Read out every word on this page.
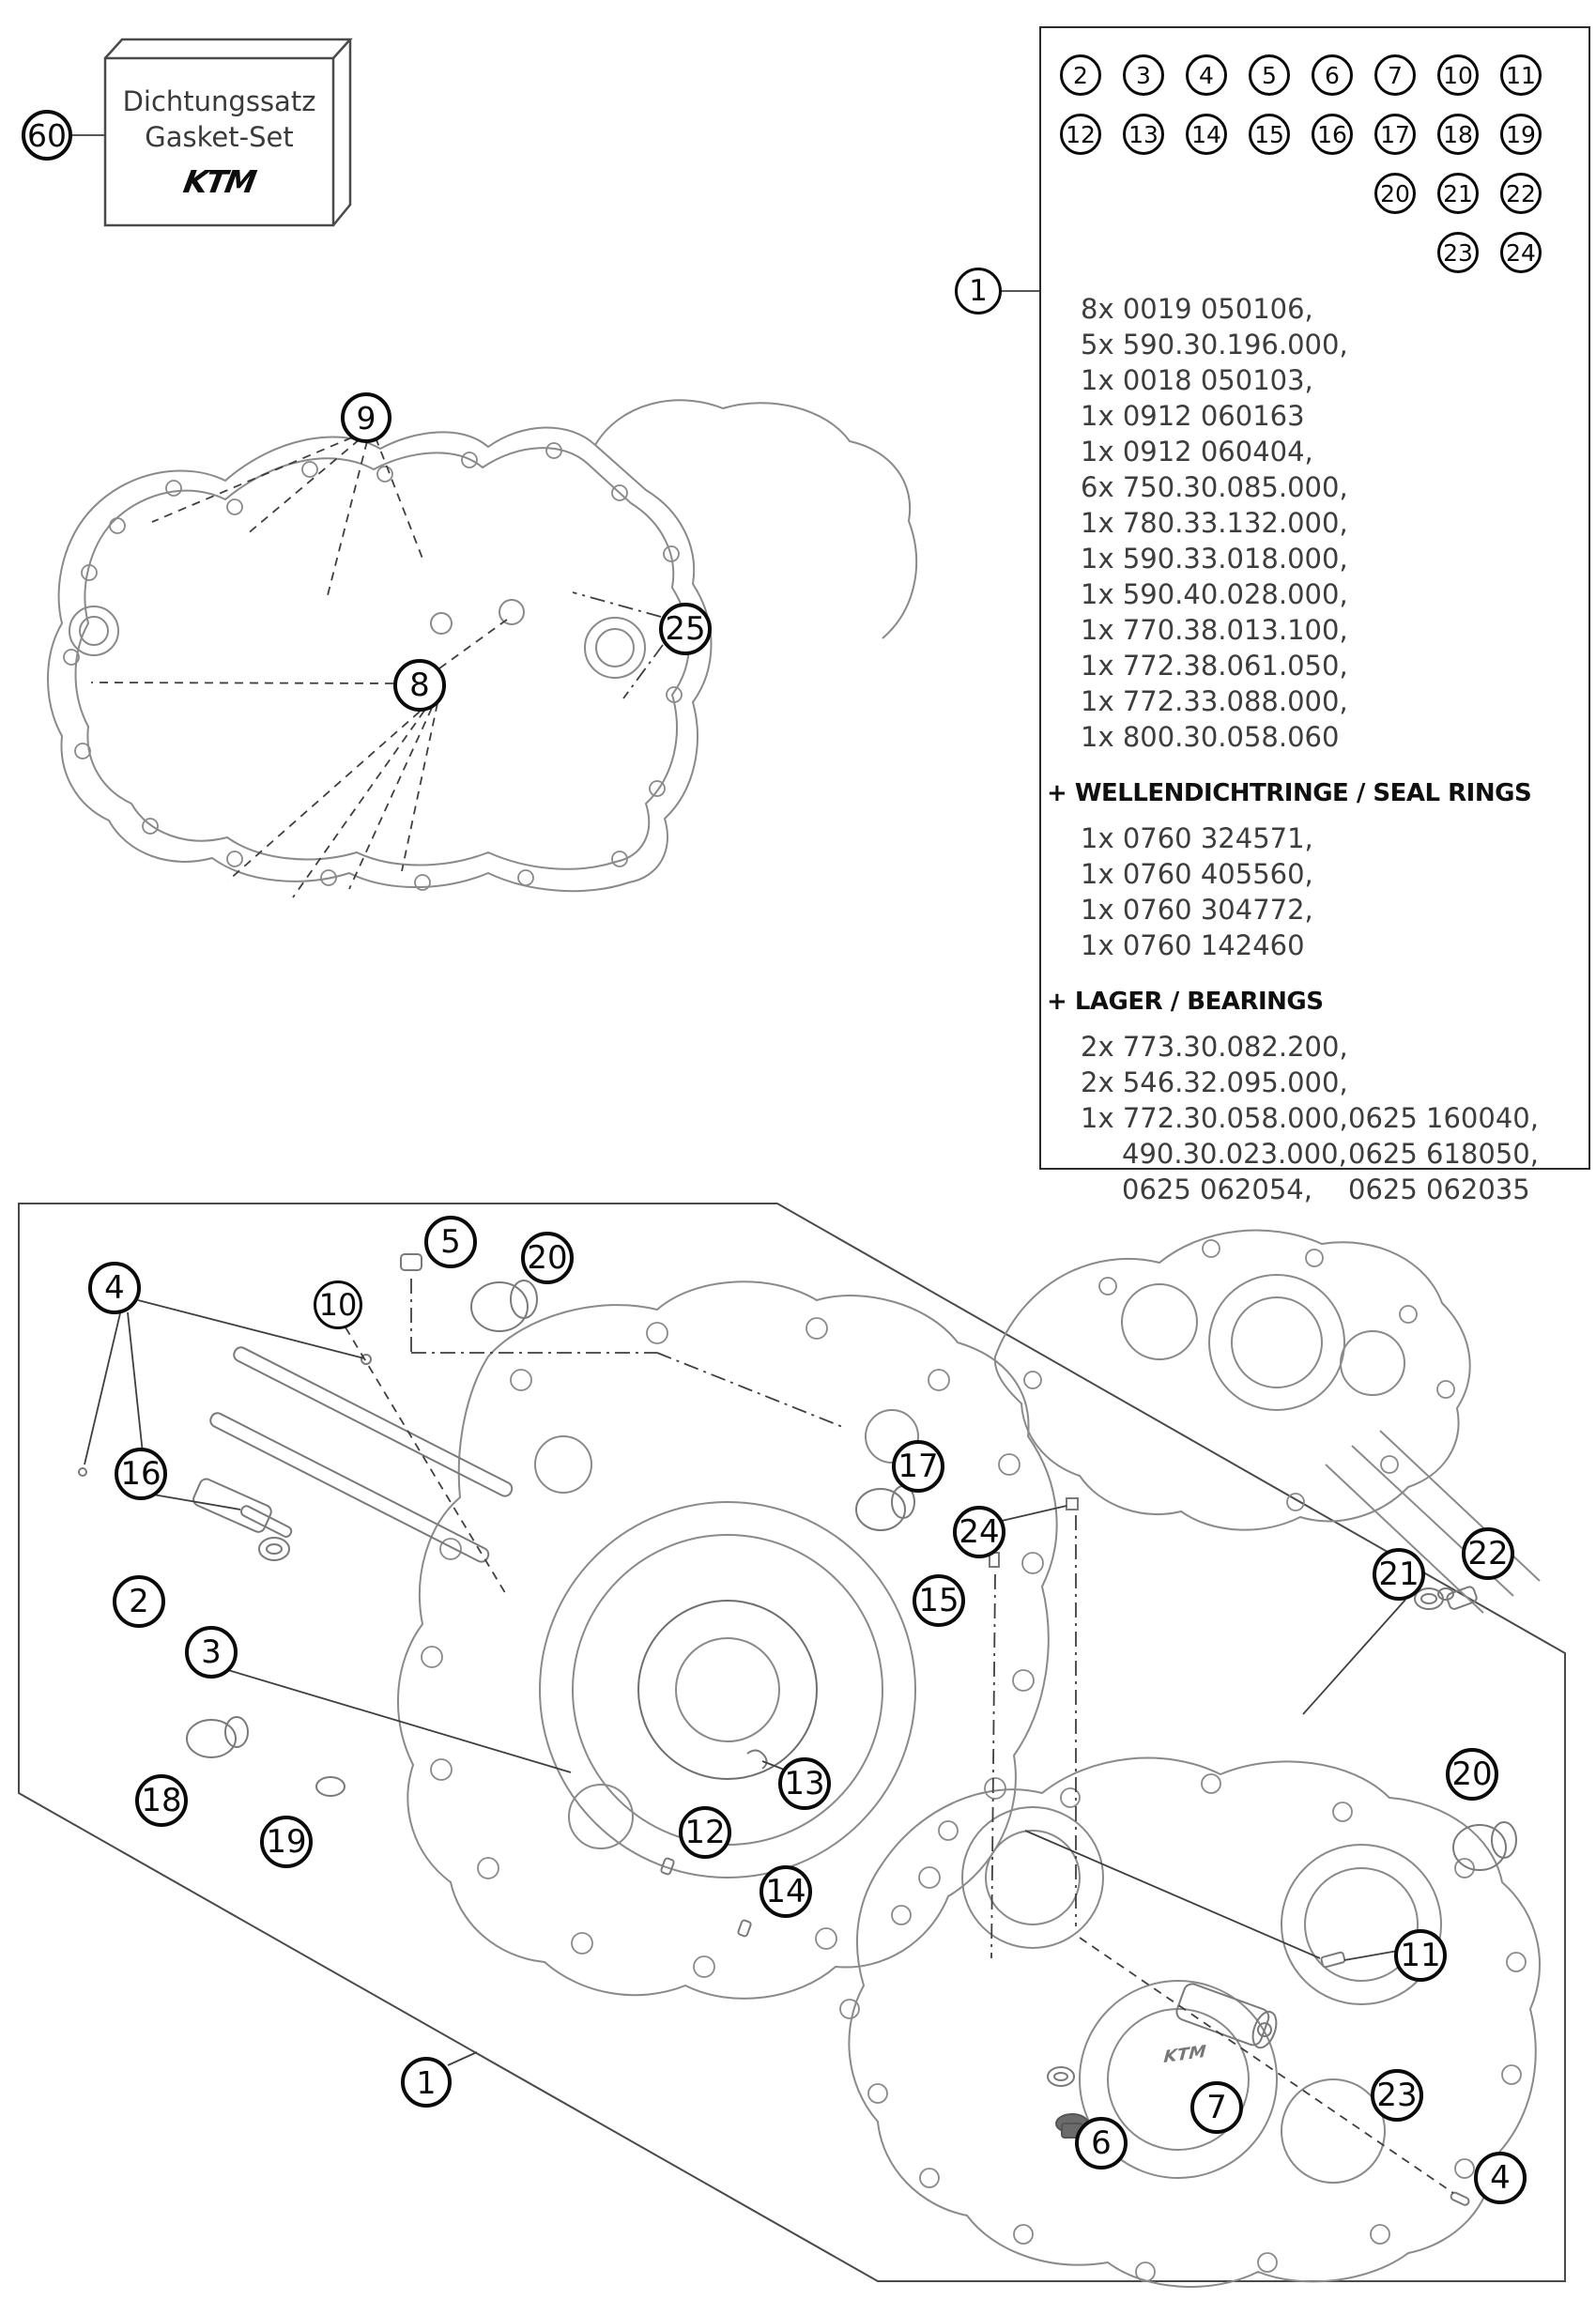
Dichtungssatz
Gasket-Set
KTM
2	3	4	5	6	7	10 11
12 13 14 15 16 17 18 19
20 21 22
23 24
8x 0019 050106,
5x 590.30.196.000,
1x 0018 050103,
1x 0912 060163
1x 0912 060404,
6x 750.30.085.000,
1x 780.33.132.000,
1x 590.33.018.000,
1x 590.40.028.000,
1x 770.38.013.100,
1x 772.38.061.050,
1x 772.33.088.000,
1x 800.30.058.060
+ WELLENDICHTRINGE / SEAL RINGS
1x 0760 324571,
1x 0760 405560,
1x 0760 304772,
1x 0760 142460
+ LAGER / BEARINGS
2x 773.30.082.200,
2x 546.32.095.000,
1x 772.30.058.000, 0625 160040,
490.30.023.000, 0625 618050,
0625 062054,	0625 062035
KTM
60
9
8
25
1
4
5	20
10
16
2
3
18
19	12
13
14
17
24
15
21
22
20
11
23
7
6
4
1
